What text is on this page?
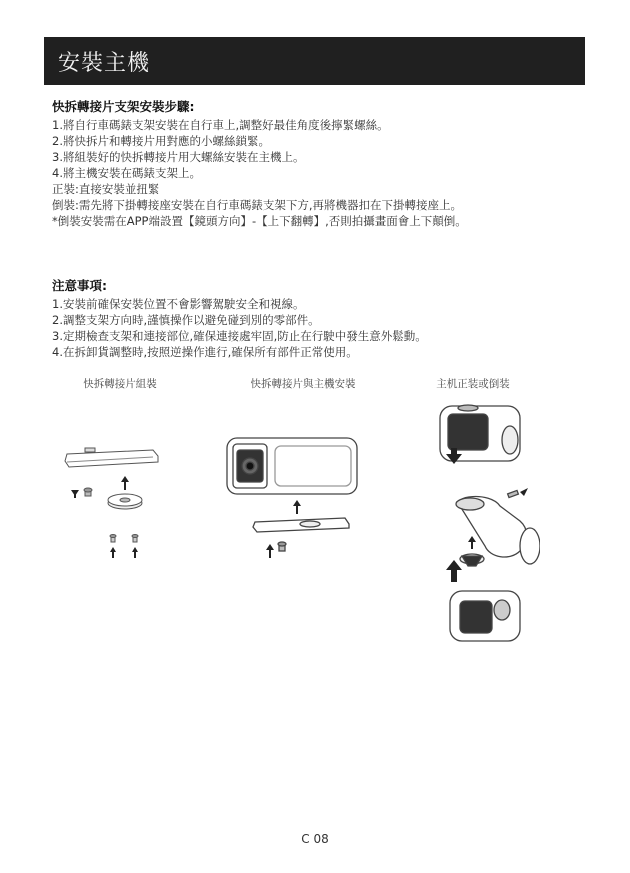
安裝主機
快拆轉接片支架安裝步驟:
1.將自行車碼錶支架安裝在自行車上,調整好最佳角度後擰緊螺絲。
2.將快拆片和轉接片用對應的小螺絲鎖緊。
3.將組裝好的快拆轉接片用大螺絲安裝在主機上。
4.將主機安裝在碼錶支架上。
正裝:直接安裝並扭緊
倒裝:需先將下掛轉接座安裝在自行車碼錶支架下方,再將機器扣在下掛轉接座上。
*倒裝安裝需在APP端設置【鏡頭方向】-【上下翻轉】,否則拍攝畫面會上下顛倒。
注意事項:
1.安裝前確保安裝位置不會影響駕駛安全和視線。
2.調整支架方向時,謹慎操作以避免碰到別的零部件。
3.定期檢查支架和連接部位,確保連接處牢固,防止在行駛中發生意外鬆動。
4.在拆卸貨調整時,按照逆操作進行,確保所有部件正常使用。
快拆轉接片組裝	快拆轉接片與主機安裝	主机正装或倒装
C 08
